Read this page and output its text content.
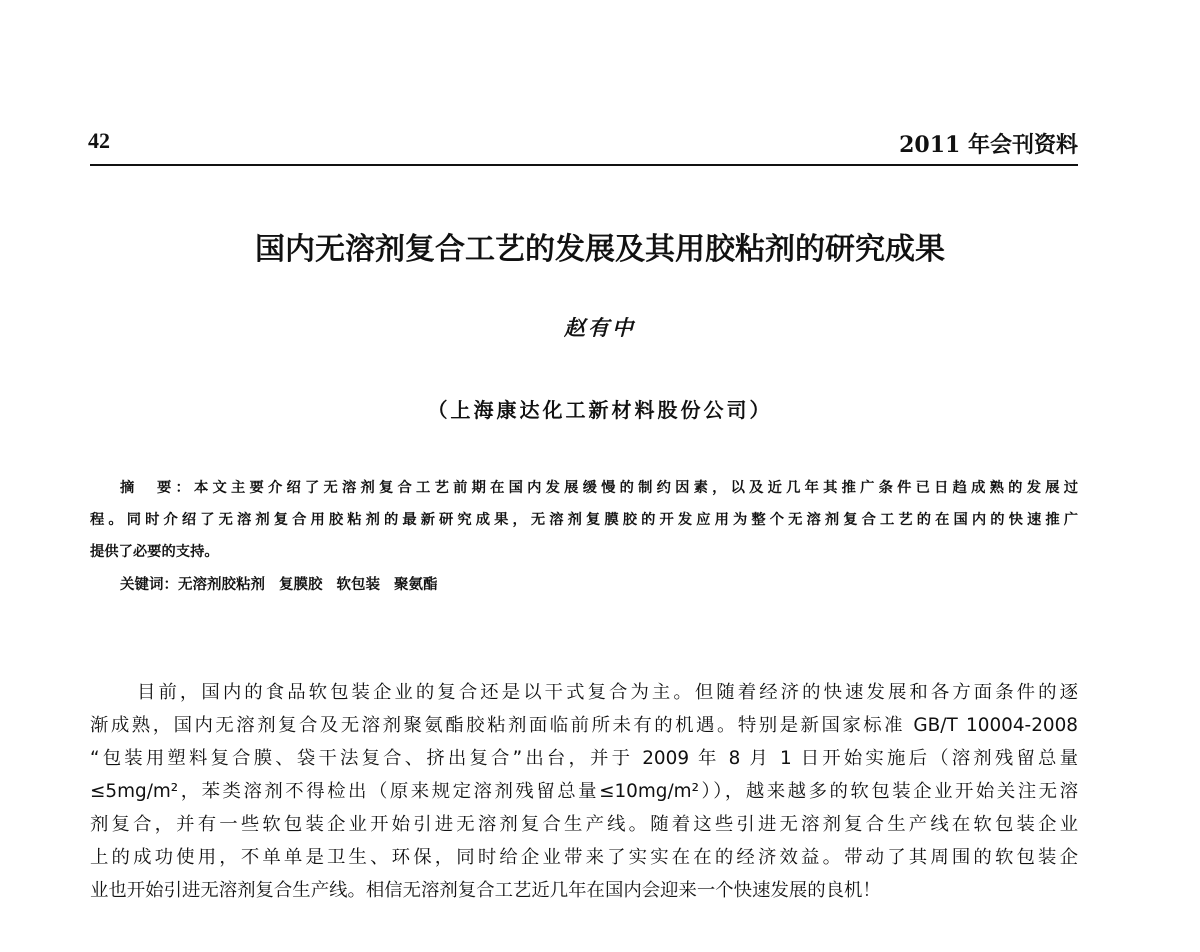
42	2011 年会刊资料
国内无溶剂复合工艺的发展及其用胶粘剂的研究成果
赵有中
（上海康达化工新材料股份公司）
摘　要：本文主要介绍了无溶剂复合工艺前期在国内发展缓慢的制约因素，以及近几年其推广条件已日趋成熟的发展过
程。同时介绍了无溶剂复合用胶粘剂的最新研究成果，无溶剂复膜胶的开发应用为整个无溶剂复合工艺的在国内的快速推广
提供了必要的支持。
关键词：无溶剂胶粘剂 复膜胶 软包装 聚氨酯
目前，国内的食品软包装企业的复合还是以干式复合为主。但随着经济的快速发展和各方面条件的逐
渐成熟，国内无溶剂复合及无溶剂聚氨酯胶粘剂面临前所未有的机遇。特别是新国家标准 GB/T 10004-2008
“包装用塑料复合膜、袋干法复合、挤出复合”出台，并于 2009 年 8 月 1 日开始实施后（溶剂残留总量
≤5mg/m²，苯类溶剂不得检出（原来规定溶剂残留总量≤10mg/m²）），越来越多的软包装企业开始关注无溶
剂复合，并有一些软包装企业开始引进无溶剂复合生产线。随着这些引进无溶剂复合生产线在软包装企业
上的成功使用，不单单是卫生、环保，同时给企业带来了实实在在的经济效益。带动了其周围的软包装企
业也开始引进无溶剂复合生产线。相信无溶剂复合工艺近几年在国内会迎来一个快速发展的良机！
